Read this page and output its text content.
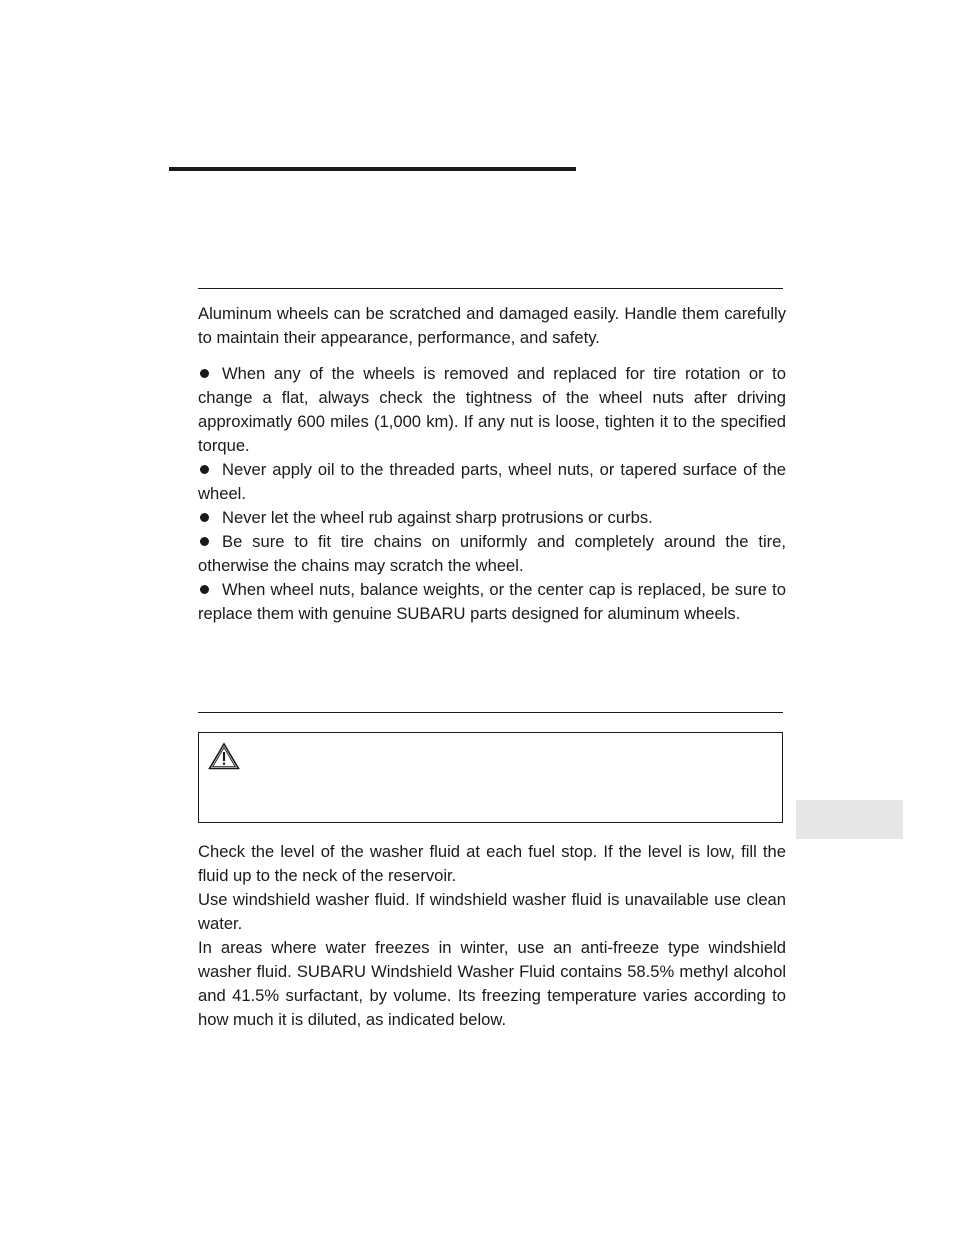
Aluminum wheels can be scratched and damaged easily. Handle them carefully to maintain their appearance, performance, and safety.

When any of the wheels is removed and replaced for tire rotation or to change a flat, always check the tightness of the wheel nuts after driving approximatly 600 miles (1,000 km). If any nut is loose, tighten it to the specified torque.
Never apply oil to the threaded parts, wheel nuts, or tapered surface of the wheel.
Never let the wheel rub against sharp protrusions or curbs.
Be sure to fit tire chains on uniformly and completely around the tire, otherwise the chains may scratch the wheel.
When wheel nuts, balance weights, or the center cap is replaced, be sure to replace them with genuine SUBARU parts designed for aluminum wheels.
Check the level of the washer fluid at each fuel stop. If the level is low, fill the fluid up to the neck of the reservoir.
Use windshield washer fluid. If windshield washer fluid is unavailable use clean water.
In areas where water freezes in winter, use an anti-freeze type windshield washer fluid. SUBARU Windshield Washer Fluid contains 58.5% methyl alcohol and 41.5% surfactant, by volume. Its freezing temperature varies according to how much it is diluted, as indicated below.
